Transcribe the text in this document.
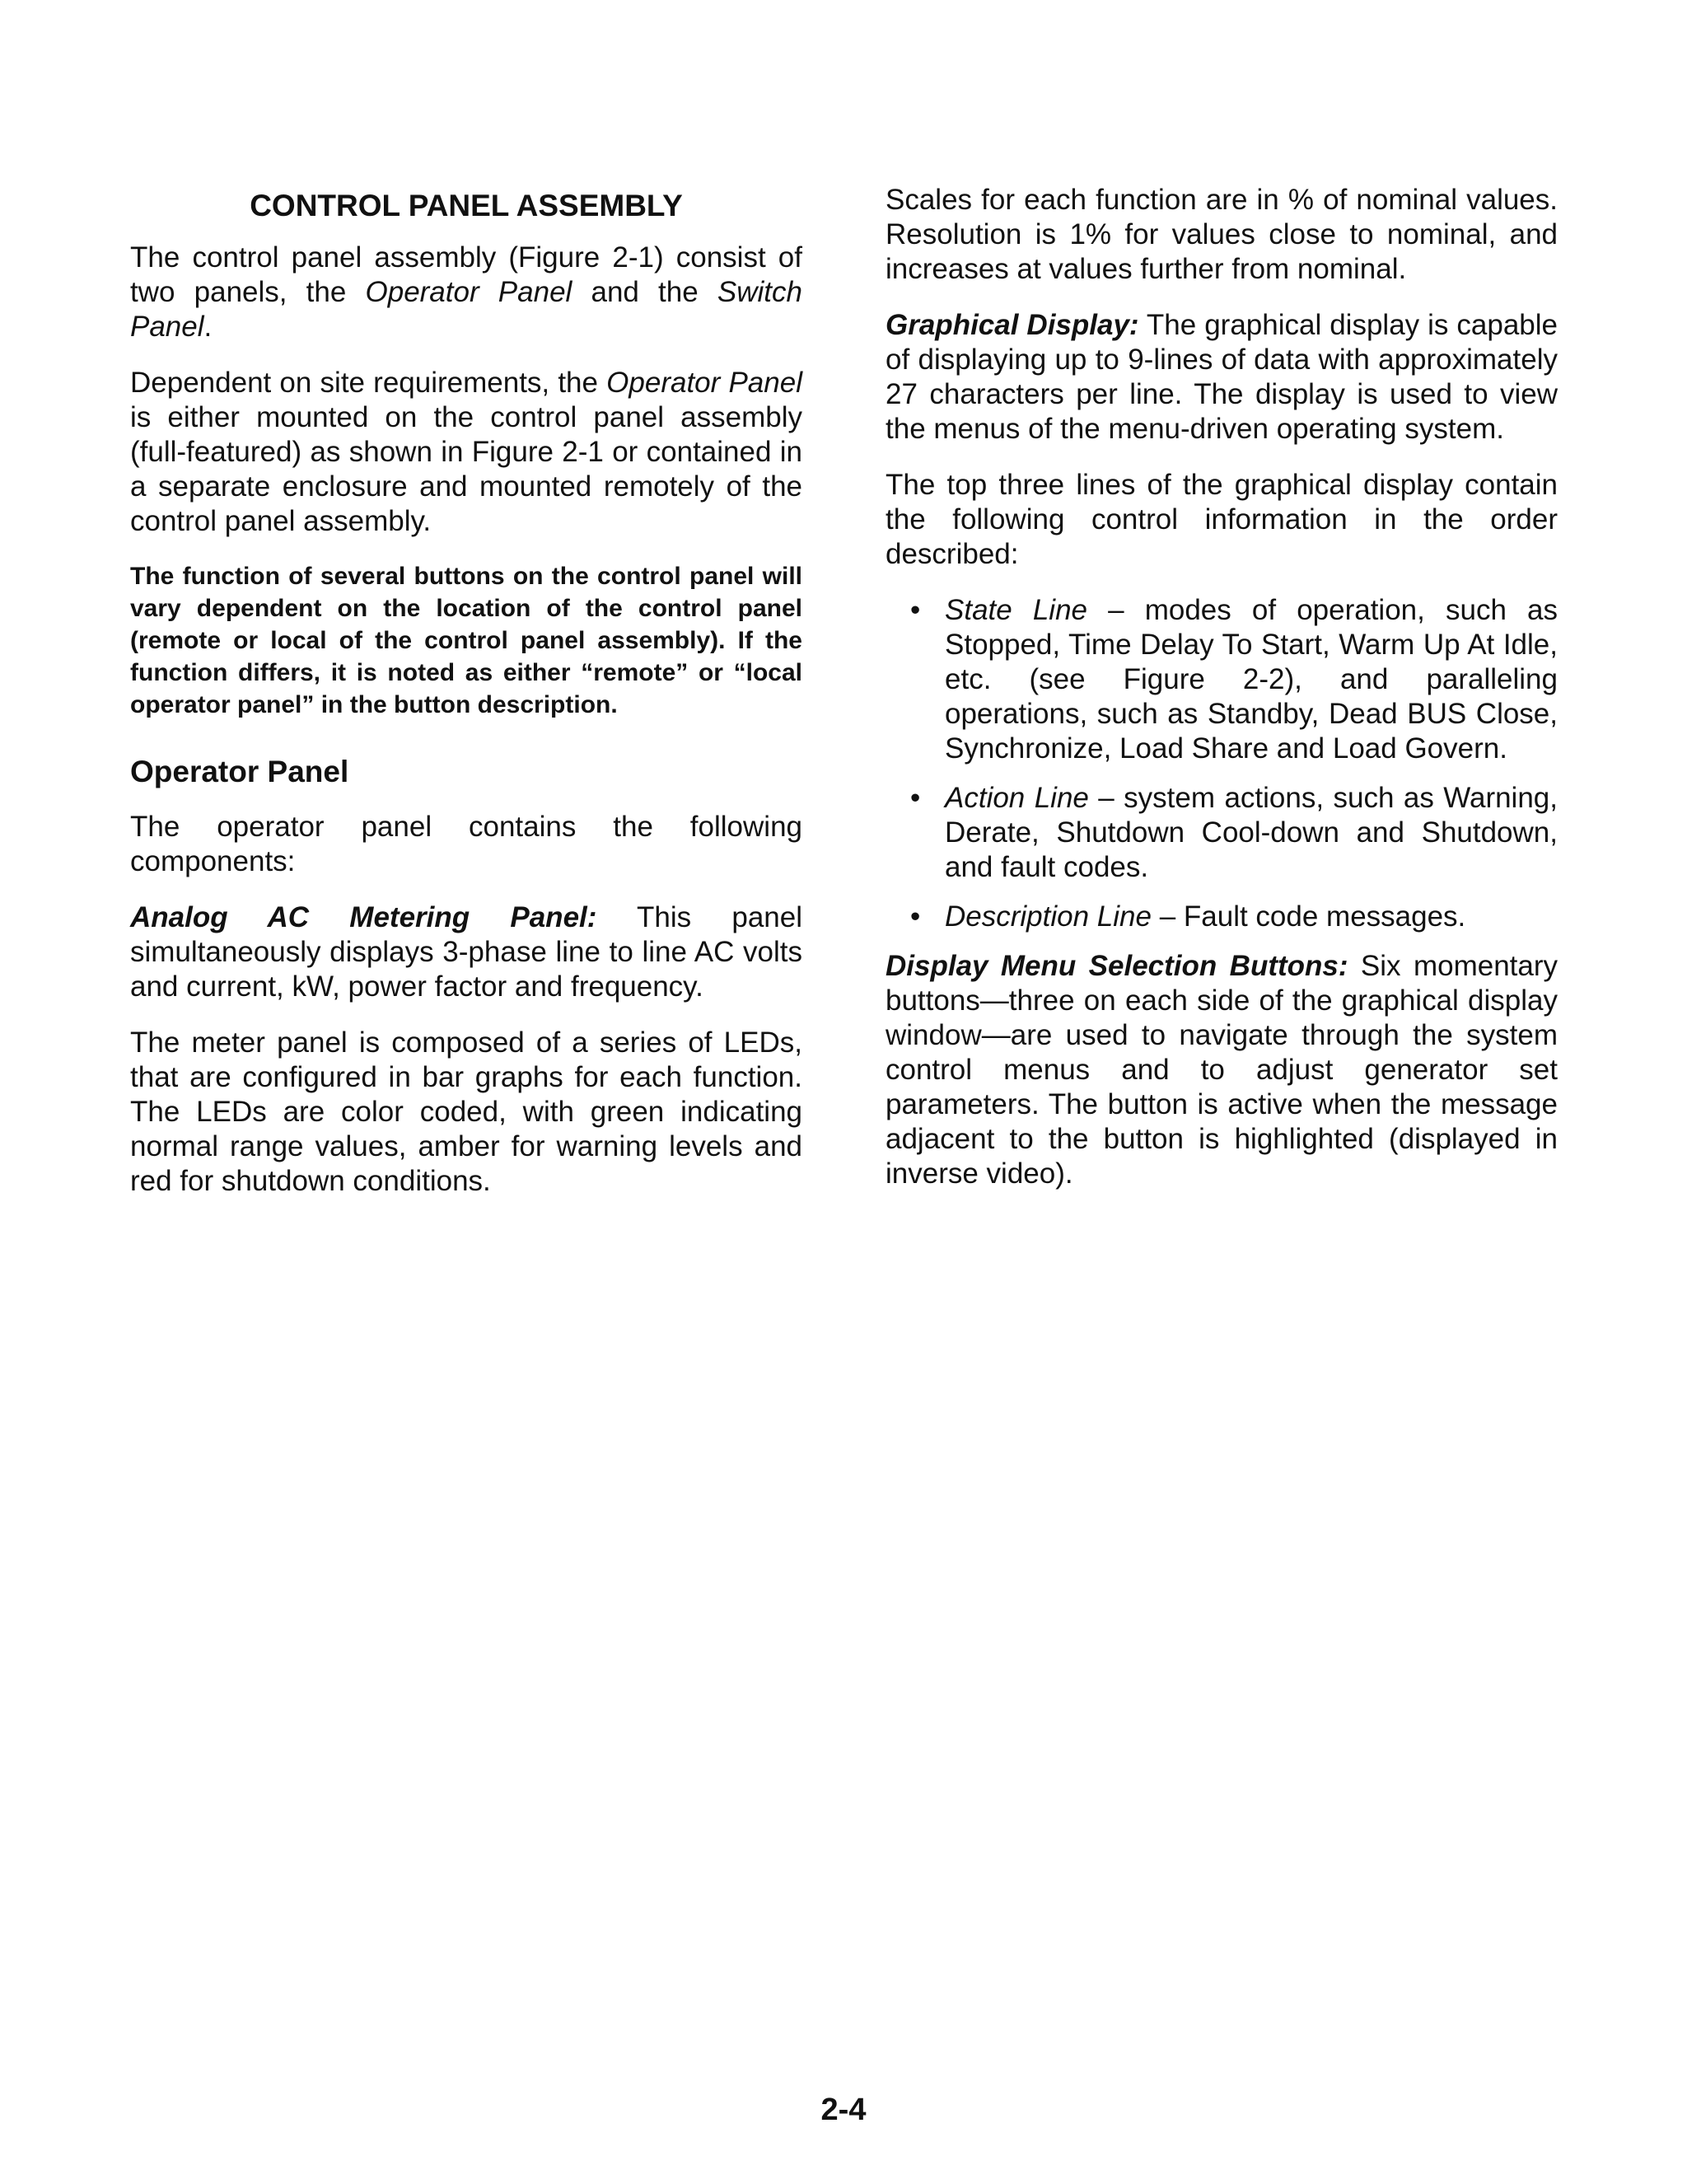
CONTROL PANEL ASSEMBLY

The control panel assembly (Figure 2-1) consist of two panels, the Operator Panel and the Switch Panel.

Dependent on site requirements, the Operator Panel is either mounted on the control panel assembly (full-featured) as shown in Figure 2-1 or contained in a separate enclosure and mounted remotely of the control panel assembly.

The function of several buttons on the control panel will vary dependent on the location of the control panel (remote or local of the control panel assembly). If the function differs, it is noted as either “remote” or “local operator panel” in the button description.

Operator Panel

The operator panel contains the following components:

Analog AC Metering Panel: This panel simultaneously displays 3-phase line to line AC volts and current, kW, power factor and frequency.

The meter panel is composed of a series of LEDs, that are configured in bar graphs for each function. The LEDs are color coded, with green indicating normal range values, amber for warning levels and red for shutdown conditions.

Scales for each function are in % of nominal values. Resolution is 1% for values close to nominal, and increases at values further from nominal.

Graphical Display: The graphical display is capable of displaying up to 9-lines of data with approximately 27 characters per line. The display is used to view the menus of the menu-driven operating system.

The top three lines of the graphical display contain the following control information in the order described:

• State Line – modes of operation, such as Stopped, Time Delay To Start, Warm Up At Idle, etc. (see Figure 2-2), and paralleling operations, such as Standby, Dead BUS Close, Synchronize, Load Share and Load Govern.
• Action Line – system actions, such as Warning, Derate, Shutdown Cool-down and Shutdown, and fault codes.
• Description Line – Fault code messages.

Display Menu Selection Buttons: Six momentary buttons—three on each side of the graphical display window—are used to navigate through the system control menus and to adjust generator set parameters. The button is active when the message adjacent to the button is highlighted (displayed in inverse video).

2-4
